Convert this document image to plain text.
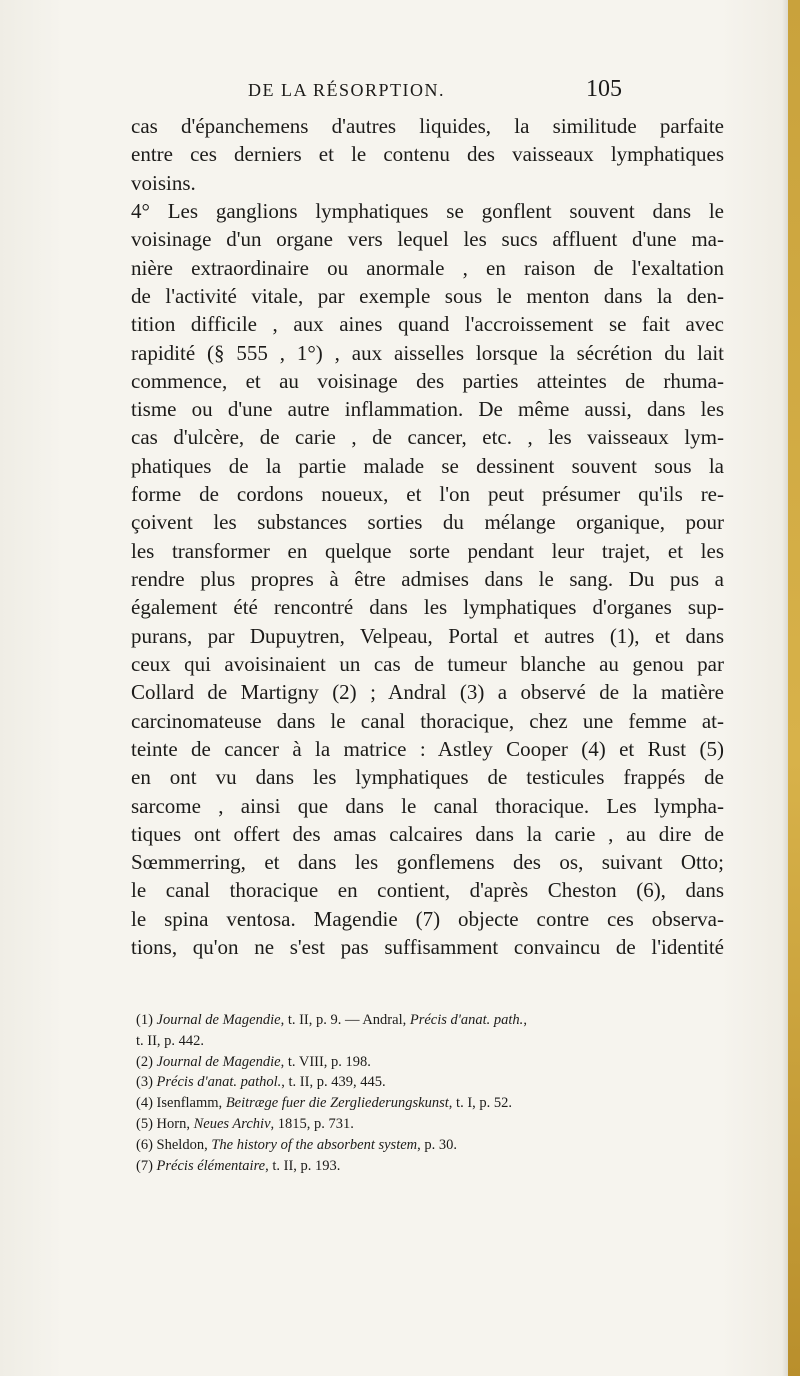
DE LA RÉSORPTION.	105
cas d'épanchemens d'autres liquides, la similitude parfaite
entre ces derniers et le contenu des vaisseaux lymphatiques
voisins.
4° Les ganglions lymphatiques se gonflent souvent dans le
voisinage d'un organe vers lequel les sucs affluent d'une ma-
nière extraordinaire ou anormale , en raison de l'exaltation
de l'activité vitale, par exemple sous le menton dans la den-
tition difficile , aux aines quand l'accroissement se fait avec
rapidité (§ 555 , 1°) , aux aisselles lorsque la sécrétion du lait
commence, et au voisinage des parties atteintes de rhuma-
tisme ou d'une autre inflammation. De même aussi, dans les
cas d'ulcère, de carie , de cancer, etc. , les vaisseaux lym-
phatiques de la partie malade se dessinent souvent sous la
forme de cordons noueux, et l'on peut présumer qu'ils re-
çoivent les substances sorties du mélange organique, pour
les transformer en quelque sorte pendant leur trajet, et les
rendre plus propres à être admises dans le sang. Du pus a
également été rencontré dans les lymphatiques d'organes sup-
purans, par Dupuytren, Velpeau, Portal et autres (1), et dans
ceux qui avoisinaient un cas de tumeur blanche au genou par
Collard de Martigny (2) ; Andral (3) a observé de la matière
carcinomateuse dans le canal thoracique, chez une femme at-
teinte de cancer à la matrice : Astley Cooper (4) et Rust (5)
en ont vu dans les lymphatiques de testicules frappés de
sarcome , ainsi que dans le canal thoracique. Les lympha-
tiques ont offert des amas calcaires dans la carie , au dire de
Sœmmerring, et dans les gonflemens des os, suivant Otto;
le canal thoracique en contient, d'après Cheston (6), dans
le spina ventosa. Magendie (7) objecte contre ces observa-
tions, qu'on ne s'est pas suffisamment convaincu de l'identité
(1) Journal de Magendie, t. II, p. 9. — Andral, Précis d'anat. path.,
t. II, p. 442.
(2) Journal de Magendie, t. VIII, p. 198.
(3) Précis d'anat. pathol., t. II, p. 439, 445.
(4) Isenflamm, Beitræge fuer die Zergliederungskunst, t. I, p. 52.
(5) Horn, Neues Archiv, 1815, p. 731.
(6) Sheldon, The history of the absorbent system, p. 30.
(7) Précis élémentaire, t. II, p. 193.
